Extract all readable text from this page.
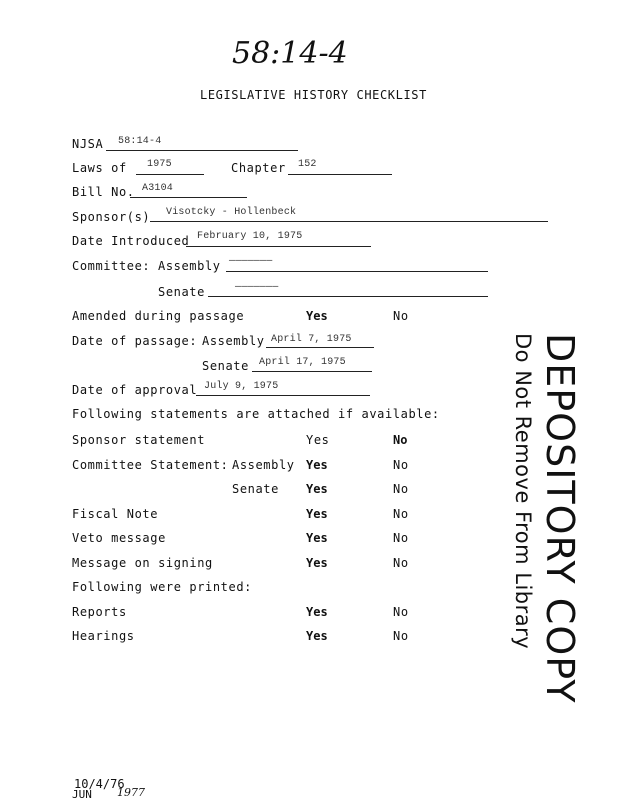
58:14-4
LEGISLATIVE HISTORY CHECKLIST
NJSA 58:14-4
Laws of 1975	Chapter 152
Bill No. A3104
Sponsor(s) Visotcky - Hollenbeck
Date Introduced February 10, 1975
Committee: Assembly ———————
Senate	———————
Amended during passage	Yes	No
Date of passage: Assembly April 7, 1975
Senate April 17, 1975
Date of approval July 9, 1975
Following statements are attached if available:
Sponsor statement	Yes	No
Committee Statement: Assembly Yes	No
Senate Yes	No
Fiscal Note	Yes	No
Veto message	Yes	No
Message on signing	Yes	No
Following were printed:
Reports	Yes	No
Hearings	Yes	No	DEPOSITORY COPY
Do Not Remove From Library
10/4/76
JUN 1977
